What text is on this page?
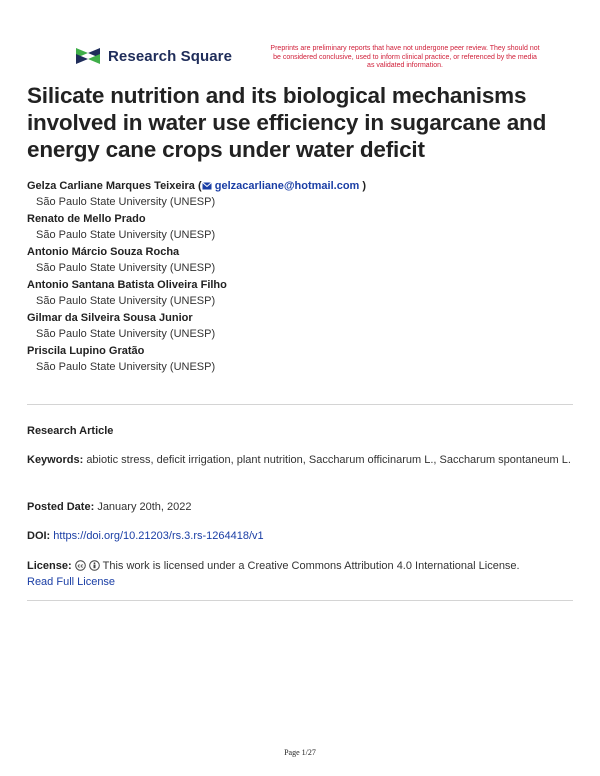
Research Square	Preprints are preliminary reports that have not undergone peer review. They should not be considered conclusive, used to inform clinical practice, or referenced by the media as validated information.
Silicate nutrition and its biological mechanisms involved in water use efficiency in sugarcane and energy cane crops under water deficit
Gelza Carliane Marques Teixeira ( gelzacarliane@hotmail.com )
São Paulo State University (UNESP)
Renato de Mello Prado
São Paulo State University (UNESP)
Antonio Márcio Souza Rocha
São Paulo State University (UNESP)
Antonio Santana Batista Oliveira Filho
São Paulo State University (UNESP)
Gilmar da Silveira Sousa Junior
São Paulo State University (UNESP)
Priscila Lupino Gratão
São Paulo State University (UNESP)
Research Article
Keywords: abiotic stress, deficit irrigation, plant nutrition, Saccharum officinarum L., Saccharum spontaneum L.
Posted Date: January 20th, 2022
DOI: https://doi.org/10.21203/rs.3.rs-1264418/v1
License: cc This work is licensed under a Creative Commons Attribution 4.0 International License.
Read Full License
Page 1/27
